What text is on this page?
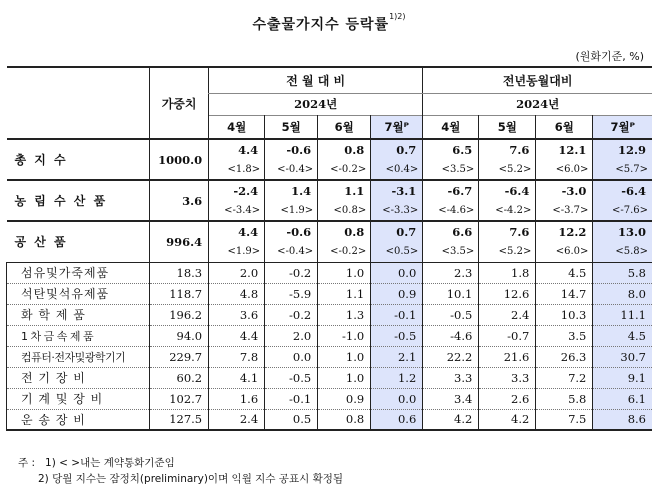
수출물가지수 등락률$^{1)2)}$
(원화기준, %)
	가중치	전 월 대 비				전년동월대비			
		2024년				2024년			
		4월	5월	6월	7월ᴾ	4월	5월	6월	7월ᴾ
총 지 수	1000.0	4.4	-0.6	0.8	0.7	6.5	7.6	12.1	12.9
		<1.8>	<-0.4>	<-0.2>	<0.4>	<3.5>	<5.2>	<6.0>	<5.7>
농 림 수 산 품	3.6	-2.4	1.4	1.1	-3.1	-6.7	-6.4	-3.0	-6.4
		<-3.4>	<1.9>	<0.8>	<-3.3>	<-4.6>	<-4.2>	<-3.7>	<-7.6>
공 산 품	996.4	4.4	-0.6	0.8	0.7	6.6	7.6	12.2	13.0
		<1.9>	<-0.4>	<-0.2>	<0.5>	<3.5>	<5.2>	<6.0>	<5.8>
섬유및가죽제품	18.3	2.0	-0.2	1.0	0.0	2.3	1.8	4.5	5.8
석탄및석유제품	118.7	4.8	-5.9	1.1	0.9	10.1	12.6	14.7	8.0
화 학 제 품	196.2	3.6	-0.2	1.3	-0.1	-0.5	2.4	10.3	11.1
1 차 금 속 제 품	94.0	4.4	2.0	-1.0	-0.5	-4.6	-0.7	3.5	4.5
컴퓨터·전자및광학기기	229.7	7.8	0.0	1.0	2.1	22.2	21.6	26.3	30.7
전 기 장 비	60.2	4.1	-0.5	1.0	1.2	3.3	3.3	7.2	9.1
기 계 및 장 비	102.7	1.6	-0.1	0.9	0.0	3.4	2.6	5.8	6.1
운 송 장 비	127.5	2.4	0.5	0.8	0.6	4.2	4.2	7.5	8.6
주 : 1) < >내는 계약통화기준임
2) 당월 지수는 잠정치(preliminary)이며 익월 지수 공표시 확정됨
